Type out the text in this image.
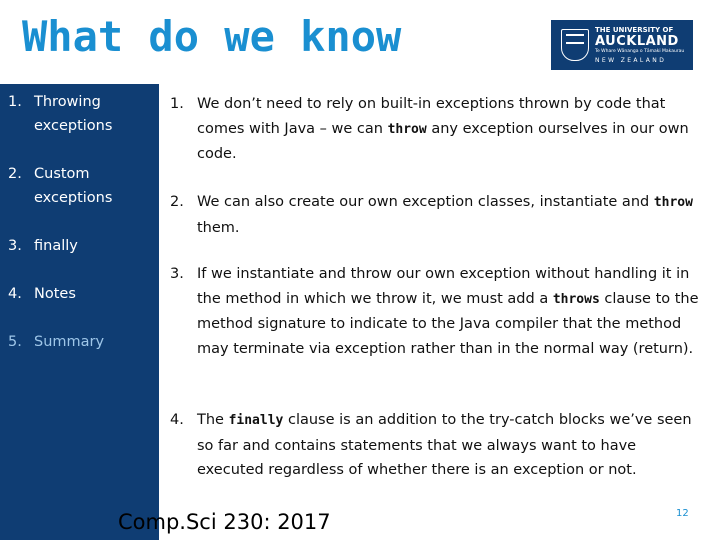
What do we know	THE UNIVERSITY OF
AUCKLAND
Te Whare Wānanga o Tāmaki Makaurau
NEW ZEALAND
1. Throwing exceptions
2. Custom exceptions
3. finally
4. Notes
5. Summary
1. We don’t need to rely on built-in exceptions thrown by code that comes with Java – we can throw any exception ourselves in our own code.
2. We can also create our own exception classes, instantiate and throw them.
3. If we instantiate and throw our own exception without handling it in the method in which we throw it, we must add a throws clause to the method signature to indicate to the Java compiler that the method may terminate via exception rather than in the normal way (return).
4. The finally clause is an addition to the try-catch blocks we’ve seen so far and contains statements that we always want to have executed regardless of whether there is an exception or not.
Comp.Sci 230: 2017	12
